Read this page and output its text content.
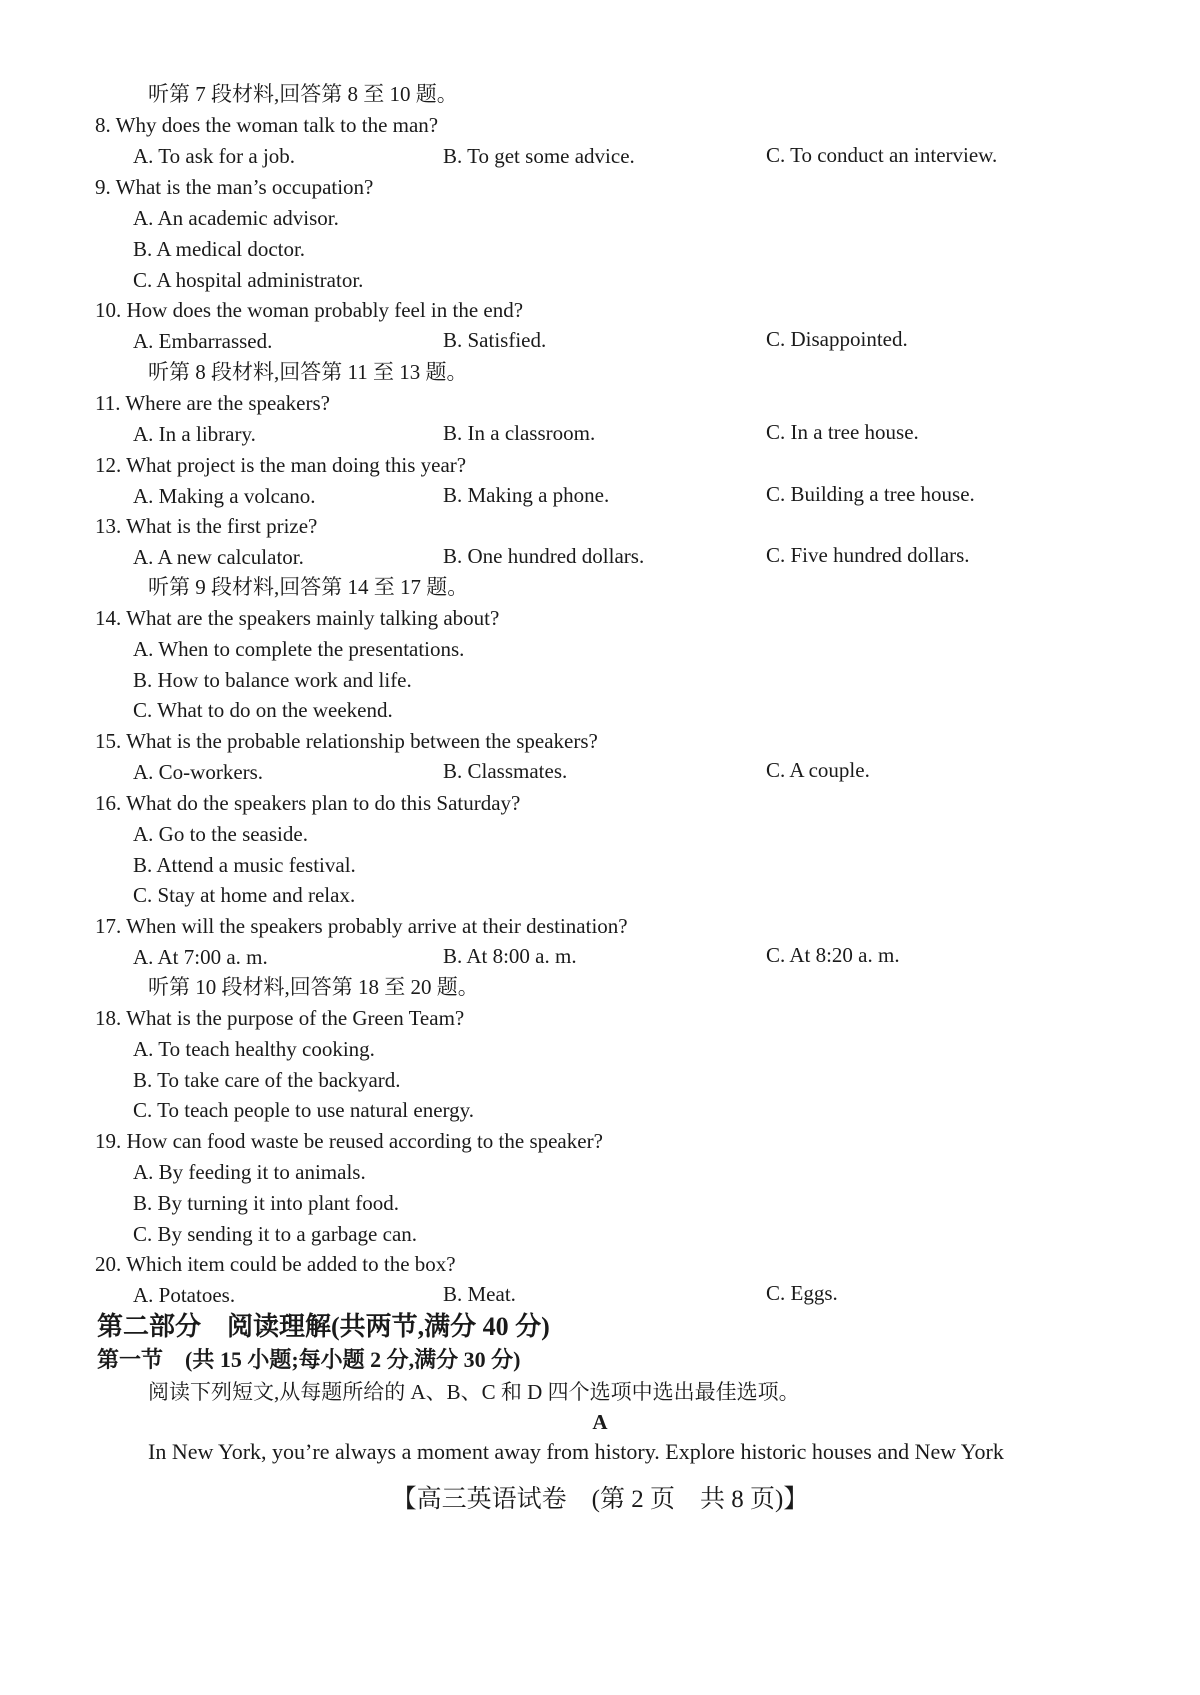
听第 7 段材料,回答第 8 至 10 题。
8. Why does the woman talk to the man?
A. To ask for a job.	B. To get some advice.	C. To conduct an interview.
9. What is the man’s occupation?
A. An academic advisor.
B. A medical doctor.
C. A hospital administrator.
10. How does the woman probably feel in the end?
A. Embarrassed.	B. Satisfied.	C. Disappointed.
听第 8 段材料,回答第 11 至 13 题。
11. Where are the speakers?
A. In a library.	B. In a classroom.	C. In a tree house.
12. What project is the man doing this year?
A. Making a volcano.	B. Making a phone.	C. Building a tree house.
13. What is the first prize?
A. A new calculator.	B. One hundred dollars.	C. Five hundred dollars.
听第 9 段材料,回答第 14 至 17 题。
14. What are the speakers mainly talking about?
A. When to complete the presentations.
B. How to balance work and life.
C. What to do on the weekend.
15. What is the probable relationship between the speakers?
A. Co-workers.	B. Classmates.	C. A couple.
16. What do the speakers plan to do this Saturday?
A. Go to the seaside.
B. Attend a music festival.
C. Stay at home and relax.
17. When will the speakers probably arrive at their destination?
A. At 7:00 a. m.	B. At 8:00 a. m.	C. At 8:20 a. m.
听第 10 段材料,回答第 18 至 20 题。
18. What is the purpose of the Green Team?
A. To teach healthy cooking.
B. To take care of the backyard.
C. To teach people to use natural energy.
19. How can food waste be reused according to the speaker?
A. By feeding it to animals.
B. By turning it into plant food.
C. By sending it to a garbage can.
20. Which item could be added to the box?
A. Potatoes.	B. Meat.	C. Eggs.
第二部分　阅读理解(共两节,满分 40 分)
第一节　(共 15 小题;每小题 2 分,满分 30 分)
阅读下列短文,从每题所给的 A、B、C 和 D 四个选项中选出最佳选项。
A
In New York, you’re always a moment away from history. Explore historic houses and New York
【高三英语试卷　(第 2 页　共 8 页)】
